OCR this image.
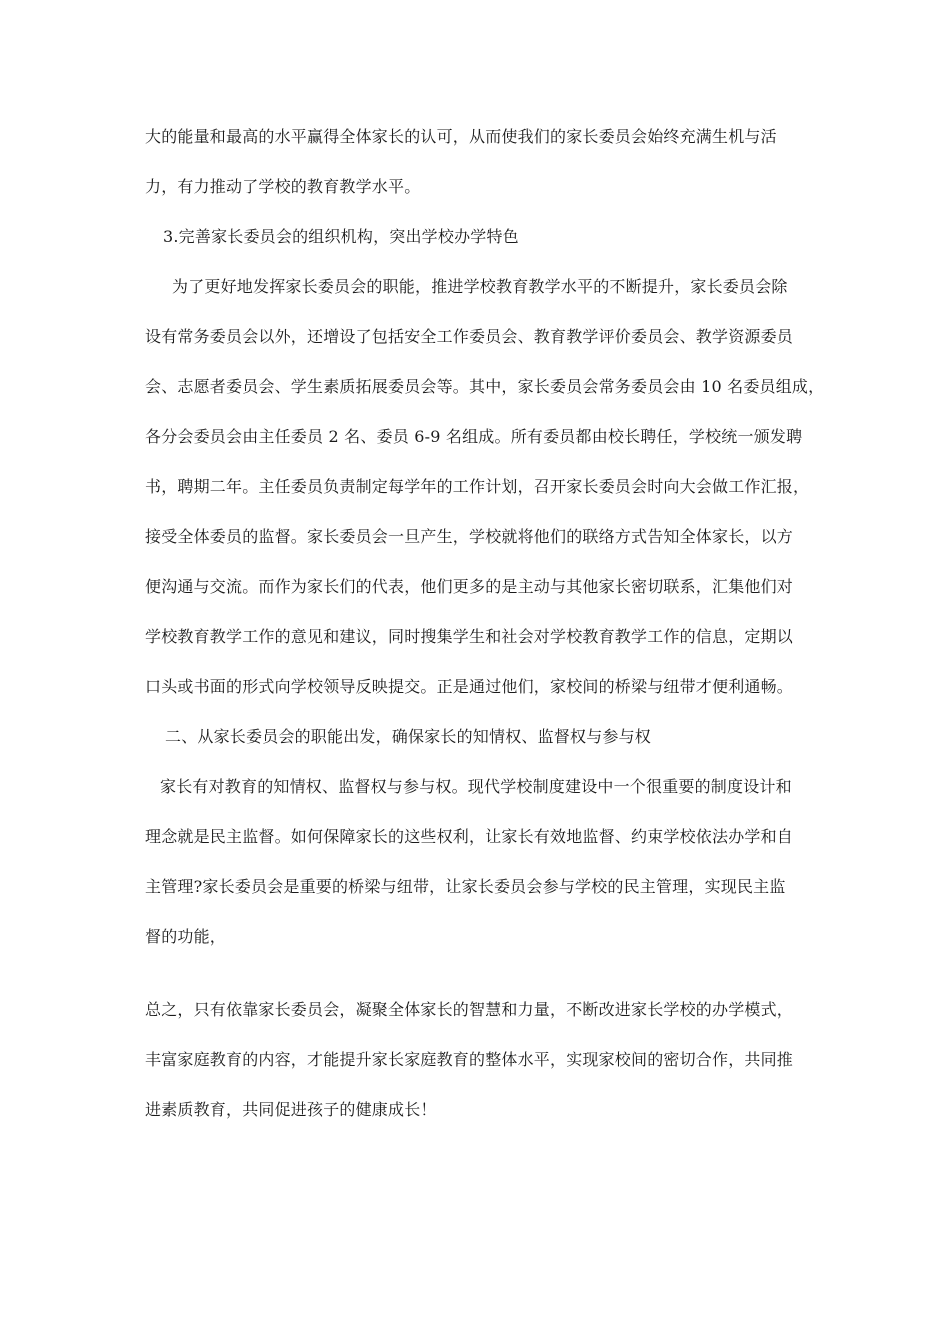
大的能量和最高的水平赢得全体家长的认可，从而使我们的家长委员会始终充满生机与活
力，有力推动了学校的教育教学水平。
3.完善家长委员会的组织机构，突出学校办学特色
为了更好地发挥家长委员会的职能，推进学校教育教学水平的不断提升，家长委员会除
设有常务委员会以外，还增设了包括安全工作委员会、教育教学评价委员会、教学资源委员
会、志愿者委员会、学生素质拓展委员会等。其中，家长委员会常务委员会由 10 名委员组成，
各分会委员会由主任委员 2 名、委员 6-9 名组成。所有委员都由校长聘任，学校统一颁发聘
书，聘期二年。主任委员负责制定每学年的工作计划，召开家长委员会时向大会做工作汇报，
接受全体委员的监督。家长委员会一旦产生，学校就将他们的联络方式告知全体家长，以方
便沟通与交流。而作为家长们的代表，他们更多的是主动与其他家长密切联系，汇集他们对
学校教育教学工作的意见和建议，同时搜集学生和社会对学校教育教学工作的信息，定期以
口头或书面的形式向学校领导反映提交。正是通过他们，家校间的桥梁与纽带才便利通畅。
二、从家长委员会的职能出发，确保家长的知情权、监督权与参与权
家长有对教育的知情权、监督权与参与权。现代学校制度建设中一个很重要的制度设计和
理念就是民主监督。如何保障家长的这些权利，让家长有效地监督、约束学校依法办学和自
主管理?家长委员会是重要的桥梁与纽带，让家长委员会参与学校的民主管理，实现民主监
督的功能，
总之，只有依靠家长委员会，凝聚全体家长的智慧和力量，不断改进家长学校的办学模式，
丰富家庭教育的内容，才能提升家长家庭教育的整体水平，实现家校间的密切合作，共同推
进素质教育，共同促进孩子的健康成长！
